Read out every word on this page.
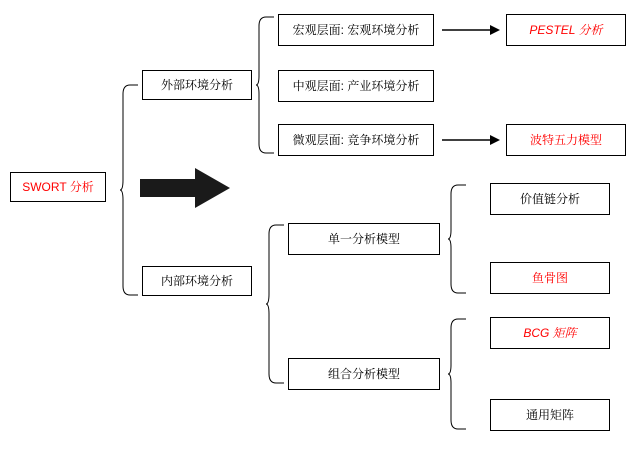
SWORT 分析
外部环境分析
内部环境分析
宏观层面: 宏观环境分析
中观层面: 产业环境分析
微观层面: 竞争环境分析
PESTEL 分析
波特五力模型
单一分析模型
组合分析模型
价值链分析
鱼骨图
BCG 矩阵
通用矩阵
